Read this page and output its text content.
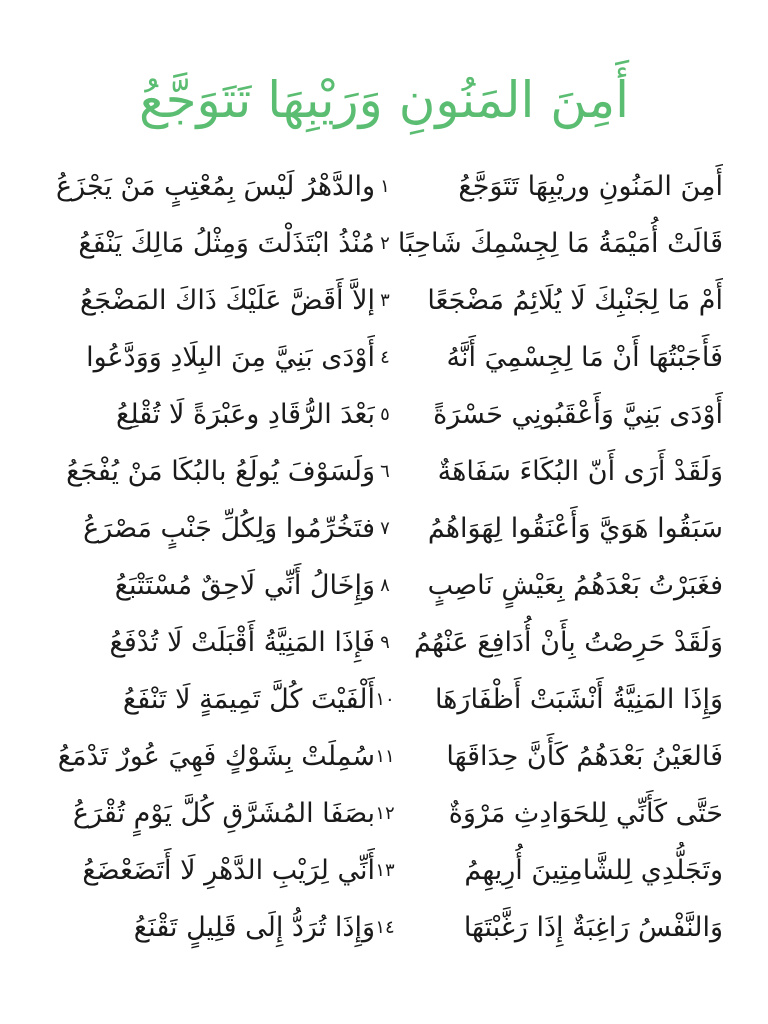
أَمِنَ المَنُونِ وَرَيْبِهَا تَتَوَجَّعُ
أَمِنَ المَنُونِ وريْبِهَا تَتَوَجَّعُ
١
والدَّهْرُ لَيْسَ بِمُعْتِبٍ مَنْ يَجْزَعُ
قَالَتْ أُمَيْمَةُ مَا لِجِسْمِكَ شَاحِبًا
٢
مُنْذُ ابْتَذَلْتَ وَمِثْلُ مَالِكَ يَنْفَعُ
أَمْ مَا لِجَنْبِكَ لَا يُلَائِمُ مَضْجَعًا
٣
إلاَّ أَقَضَّ عَلَيْكَ ذَاكَ المَضْجَعُ
فَأَجَبْتُهَا أَنْ مَا لِجِسْمِيَ أَنَّهُ
٤
أَوْدَى بَنِيَّ مِنَ البِلَادِ وَوَدَّعُوا
أَوْدَى بَنِيَّ وَأَعْقَبُونِي حَسْرَةً
٥
بَعْدَ الرُّقَادِ وعَبْرَةً لَا تُقْلِعُ
وَلَقَدْ أَرَى أَنّ البُكَاءَ سَفَاهَةٌ
٦
وَلَسَوْفَ يُولَعُ بالبُكَا مَنْ يُفْجَعُ
سَبَقُوا هَوَيَّ وَأَعْنَقُوا لِهَوَاهُمُ
٧
فتَخُرِّمُوا وَلِكُلِّ جَنْبٍ مَصْرَعُ
فغَبَرْتُ بَعْدَهُمُ بِعَيْشٍ نَاصِبٍ
٨
وَإِخَالُ أَنِّي لَاحِقٌ مُسْتَتْبَعُ
وَلَقَدْ حَرِصْتُ بِأَنْ أُدَافِعَ عَنْهُمُ
٩
فَإِذَا المَنِيَّةُ أَقْبَلَتْ لَا تُدْفَعُ
وَإِذَا المَنِيَّةُ أَنْشَبَتْ أَظْفَارَهَا
١٠
أَلْفَيْتَ كُلَّ تَمِيمَةٍ لَا تَنْفَعُ
فَالعَيْنُ بَعْدَهُمُ كَأَنَّ حِدَاقَهَا
١١
سُمِلَتْ بِشَوْكٍ فَهِيَ عُورٌ تَدْمَعُ
حَتَّى كَأَنِّي لِلحَوَادِثِ مَرْوَةٌ
١٢
بصَفَا المُشَرَّقِ كُلَّ يَوْمٍ تُقْرَعُ
وتَجَلُّدِي لِلشَّامِتِينَ أُرِيهِمُ
١٣
أَنِّي لِرَيْبِ الدَّهْرِ لَا أَتَضَعْضَعُ
وَالنَّفْسُ رَاغِبَةٌ إِذَا رَغَّبْتَهَا
١٤
وَإِذَا تُرَدُّ إِلَى قَلِيلٍ تَقْنَعُ
